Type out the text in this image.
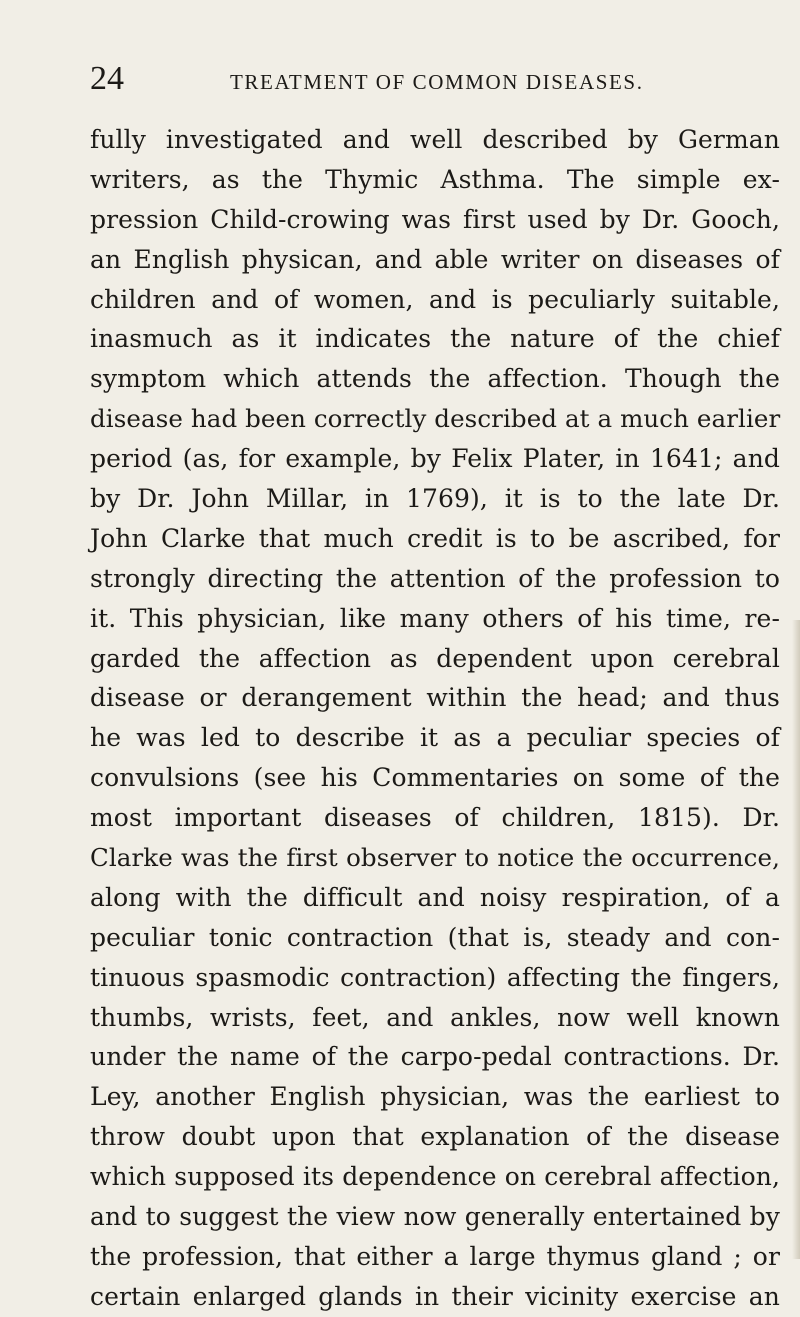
24	TREATMENT OF COMMON DISEASES.
fully investigated and well described by German
writers, as the Thymic Asthma. The simple ex-
pression Child-crowing was first used by Dr. Gooch,
an English physican, and able writer on diseases of
children and of women, and is peculiarly suitable,
inasmuch as it indicates the nature of the chief
symptom which attends the affection. Though the
disease had been correctly described at a much earlier
period (as, for example, by Felix Plater, in 1641; and
by Dr. John Millar, in 1769), it is to the late Dr.
John Clarke that much credit is to be ascribed, for
strongly directing the attention of the profession to
it. This physician, like many others of his time, re-
garded the affection as dependent upon cerebral
disease or derangement within the head; and thus
he was led to describe it as a peculiar species of
convulsions (see his Commentaries on some of the
most important diseases of children, 1815). Dr.
Clarke was the first observer to notice the occurrence,
along with the difficult and noisy respiration, of a
peculiar tonic contraction (that is, steady and con-
tinuous spasmodic contraction) affecting the fingers,
thumbs, wrists, feet, and ankles, now well known
under the name of the carpo-pedal contractions. Dr.
Ley, another English physician, was the earliest to
throw doubt upon that explanation of the disease
which supposed its dependence on cerebral affection,
and to suggest the view now generally entertained by
the profession, that either a large thymus gland ; or
certain enlarged glands in their vicinity exercise an
